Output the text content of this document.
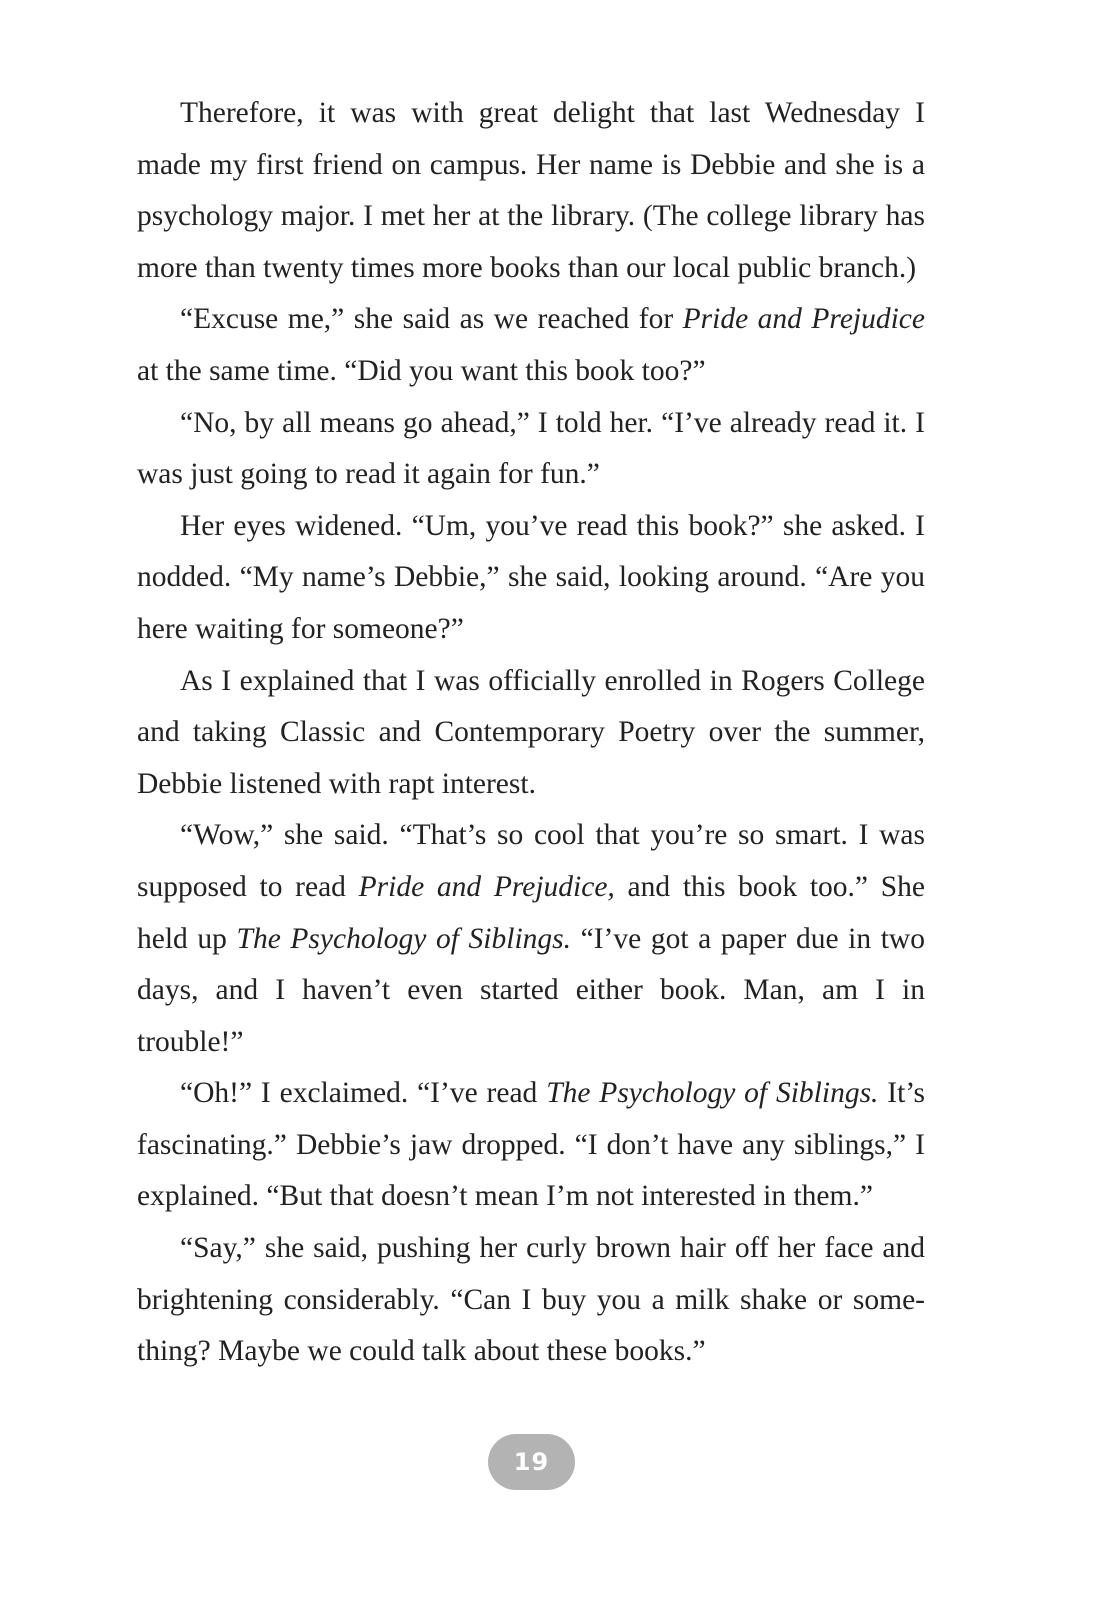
Therefore, it was with great delight that last Wednesday I made my first friend on campus. Her name is Debbie and she is a psychology major. I met her at the library. (The college library has more than twenty times more books than our local public branch.)

“Excuse me,” she said as we reached for Pride and Prejudice at the same time. “Did you want this book too?”

“No, by all means go ahead,” I told her. “I’ve already read it. I was just going to read it again for fun.”

Her eyes widened. “Um, you’ve read this book?” she asked. I nodded. “My name’s Debbie,” she said, looking around. “Are you here waiting for someone?”

As I explained that I was officially enrolled in Rogers College and taking Classic and Contemporary Poetry over the summer, Debbie listened with rapt interest.

“Wow,” she said. “That’s so cool that you’re so smart. I was supposed to read Pride and Prejudice, and this book too.” She held up The Psychology of Siblings. “I’ve got a paper due in two days, and I haven’t even started either book. Man, am I in trouble!”

“Oh!” I exclaimed. “I’ve read The Psychology of Siblings. It’s fascinating.” Debbie’s jaw dropped. “I don’t have any siblings,” I explained. “But that doesn’t mean I’m not interested in them.”

“Say,” she said, pushing her curly brown hair off her face and brightening considerably. “Can I buy you a milk shake or something? Maybe we could talk about these books.”

19
